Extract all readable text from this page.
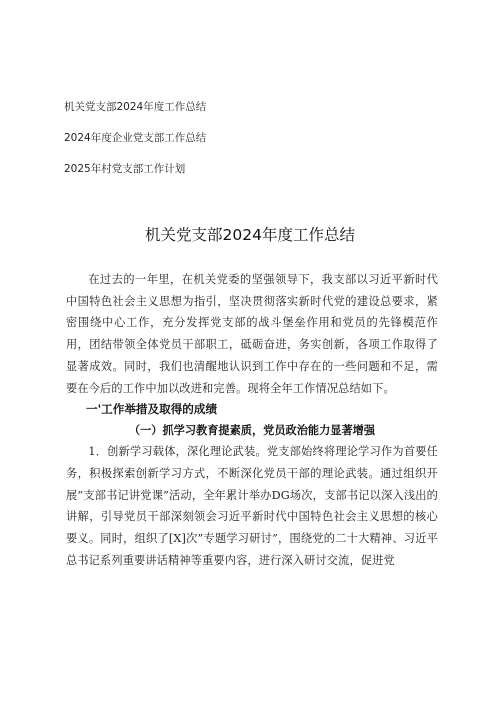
机关党支部2024年度工作总结
2024年度企业党支部工作总结
2025年村党支部工作计划
机关党支部2024年度工作总结

在过去的一年里，在机关党委的坚强领导下，我支部以习近平新时代中国特色社会主义思想为指引，坚决贯彻落实新时代党的建设总要求，紧密围绕中心工作，充分发挥党支部的战斗堡垒作用和党员的先锋模范作用，团结带领全体党员干部职工，砥砺奋进，务实创新，各项工作取得了显著成效。同时，我们也清醒地认识到工作中存在的一些问题和不足，需要在今后的工作中加以改进和完善。现将全年工作情况总结如下。

一'工作举措及取得的成绩
（一）抓学习教育提素质，党员政治能力显著增强

1．创新学习载体，深化理论武装。党支部始终将理论学习作为首要任务，积极探索创新学习方式，不断深化党员干部的理论武装。通过组织开展“支部书记讲党课”活动，全年累计举办DG场次，支部书记以深入浅出的讲解，引导党员干部深刻领会习近平新时代中国特色社会主义思想的核心要义。同时，组织了[X]次”专题学习研讨”，围绕党的二十大精神、习近平总书记系列重要讲话精神等重要内容，进行深入研讨交流，促进党
